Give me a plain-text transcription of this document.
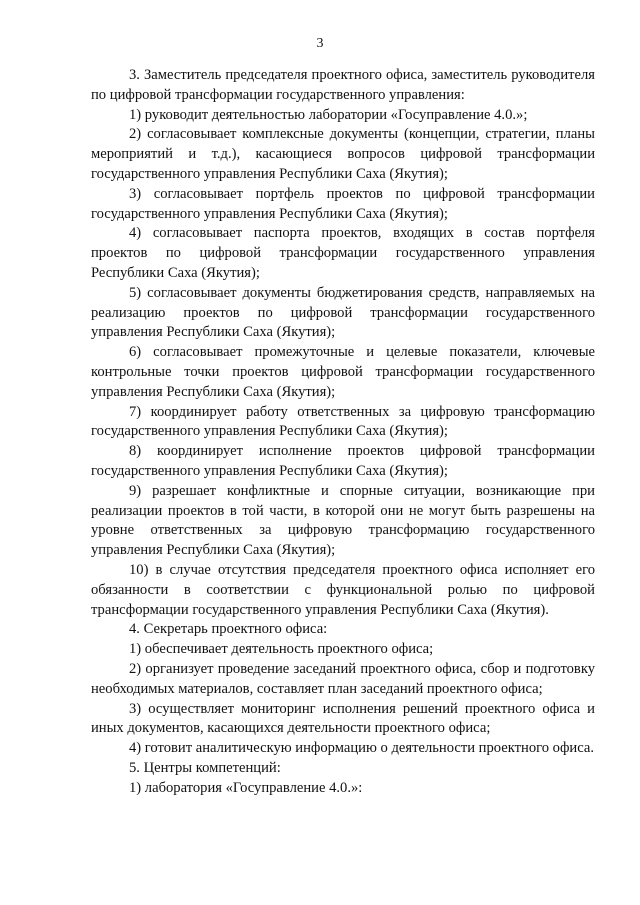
3

3. Заместитель председателя проектного офиса, заместитель руководителя по цифровой трансформации государственного управления:

1) руководит деятельностью лаборатории «Госуправление 4.0.»;

2) согласовывает комплексные документы (концепции, стратегии, планы мероприятий и т.д.), касающиеся вопросов цифровой трансформации государственного управления Республики Саха (Якутия);

3) согласовывает портфель проектов по цифровой трансформации государственного управления Республики Саха (Якутия);

4) согласовывает паспорта проектов, входящих в состав портфеля проектов по цифровой трансформации государственного управления Республики Саха (Якутия);

5) согласовывает документы бюджетирования средств, направляемых на реализацию проектов по цифровой трансформации государственного управления Республики Саха (Якутия);

6) согласовывает промежуточные и целевые показатели, ключевые контрольные точки проектов цифровой трансформации государственного управления Республики Саха (Якутия);

7) координирует работу ответственных за цифровую трансформацию государственного управления Республики Саха (Якутия);

8) координирует исполнение проектов цифровой трансформации государственного управления Республики Саха (Якутия);

9) разрешает конфликтные и спорные ситуации, возникающие при реализации проектов в той части, в которой они не могут быть разрешены на уровне ответственных за цифровую трансформацию государственного управления Республики Саха (Якутия);

10) в случае отсутствия председателя проектного офиса исполняет его обязанности в соответствии с функциональной ролью по цифровой трансформации государственного управления Республики Саха (Якутия).

4. Секретарь проектного офиса:

1) обеспечивает деятельность проектного офиса;

2) организует проведение заседаний проектного офиса, сбор и подготовку необходимых материалов, составляет план заседаний проектного офиса;

3) осуществляет мониторинг исполнения решений проектного офиса и иных документов, касающихся деятельности проектного офиса;

4) готовит аналитическую информацию о деятельности проектного офиса.

5. Центры компетенций:

1) лаборатория «Госуправление 4.0.»:
